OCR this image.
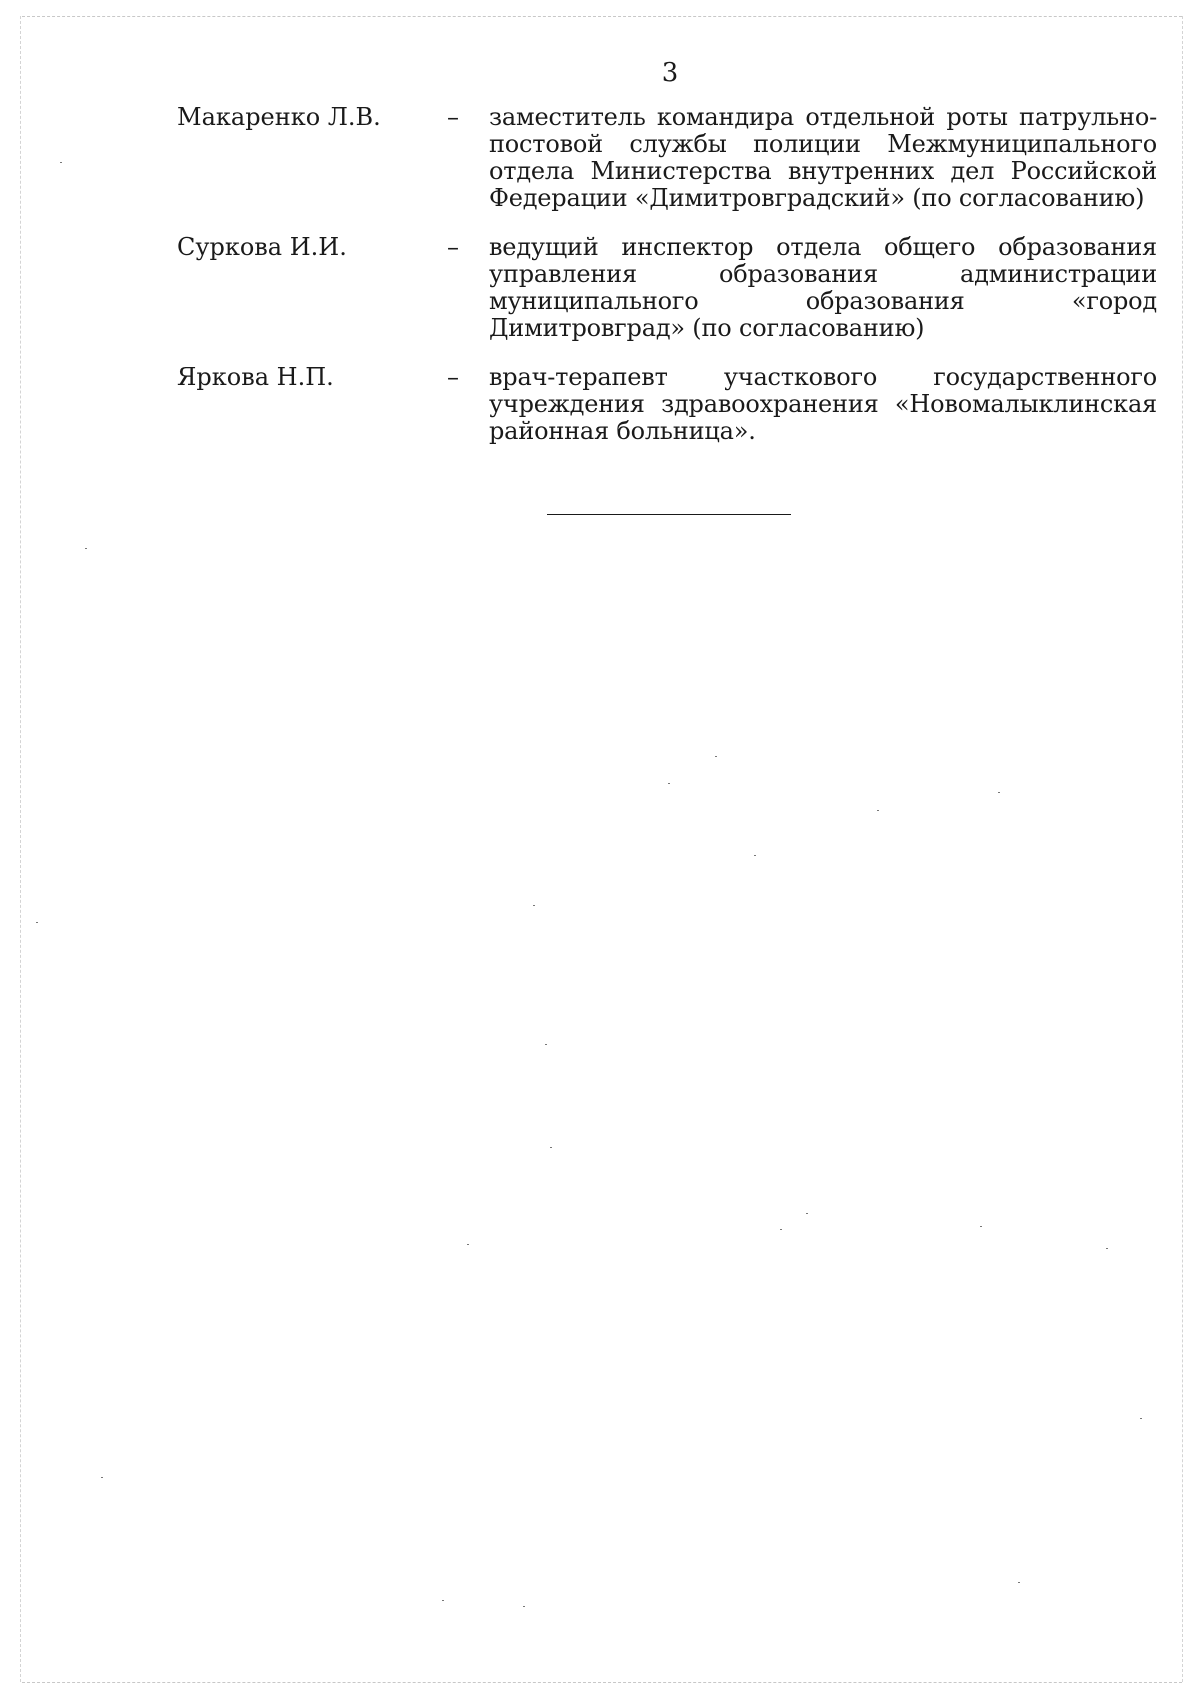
3
Макаренко Л.В.	–	заместитель командира отдельной роты патрульно-постовой службы полиции Межмуниципального отдела Министерства внутренних дел Российской Федерации «Димитровградский» (по согласованию)
Суркова И.И.	–	ведущий инспектор отдела общего образования управления образования администрации муниципального образования «город Димитровград» (по согласованию)
Яркова Н.П.	–	врач-терапевт участкового государственного учреждения здравоохранения «Новомалыклинская районная больница».
